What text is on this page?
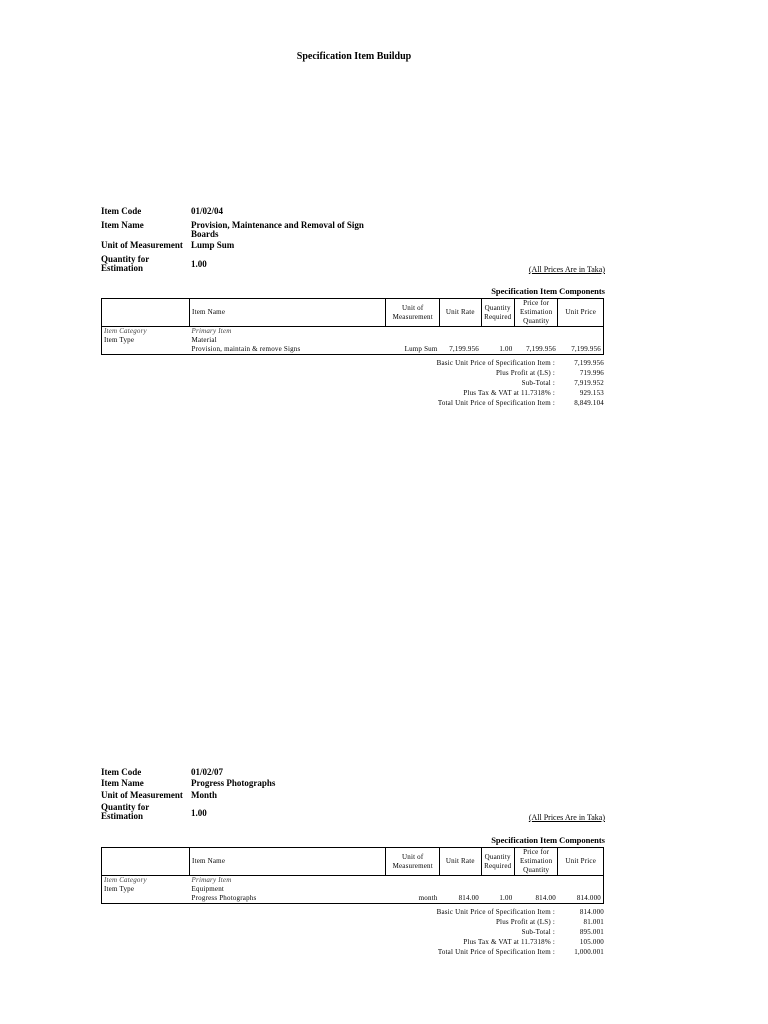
Specification Item Buildup
Item Code	01/02/04
Item Name	Provision, Maintenance and Removal of Sign Boards
Unit of Measurement Lump Sum
Quantity for Estimation	1.00
(All Prices Are in Taka)
Specification Item Components
	Item Name	Unit of Measurement	Unit Rate	Quantity Required	Price for Estimation Quantity	Unit Price
Item Category	Primary Item					
Item Type	Material					
	Provision, maintain & remove Signs	Lump Sum	7,199.956	1.00	7,199.956	7,199.956
Basic Unit Price of Specification Item :	7,199.956
Plus Profit at (LS) :	719.996
Sub-Total :	7,919.952
Plus Tax & VAT at 11.7318% :	929.153
Total Unit Price of Specification Item :	8,849.104
Item Code	01/02/07
Item Name	Progress Photographs
Unit of Measurement Month
Quantity for Estimation	1.00	(All Prices Are in Taka)
Specification Item Components
	Item Name	Unit of Measurement	Unit Rate	Quantity Required	Price for Estimation Quantity	Unit Price
Item Category	Primary Item					
Item Type	Equipment					
	Progress Photographs	month	814.00	1.00	814.00	814.000
Basic Unit Price of Specification Item :	814.000
Plus Profit at (LS) :	81.001
Sub-Total :	895.001
Plus Tax & VAT at 11.7318% :	105.000
Total Unit Price of Specification Item :	1,000.001
